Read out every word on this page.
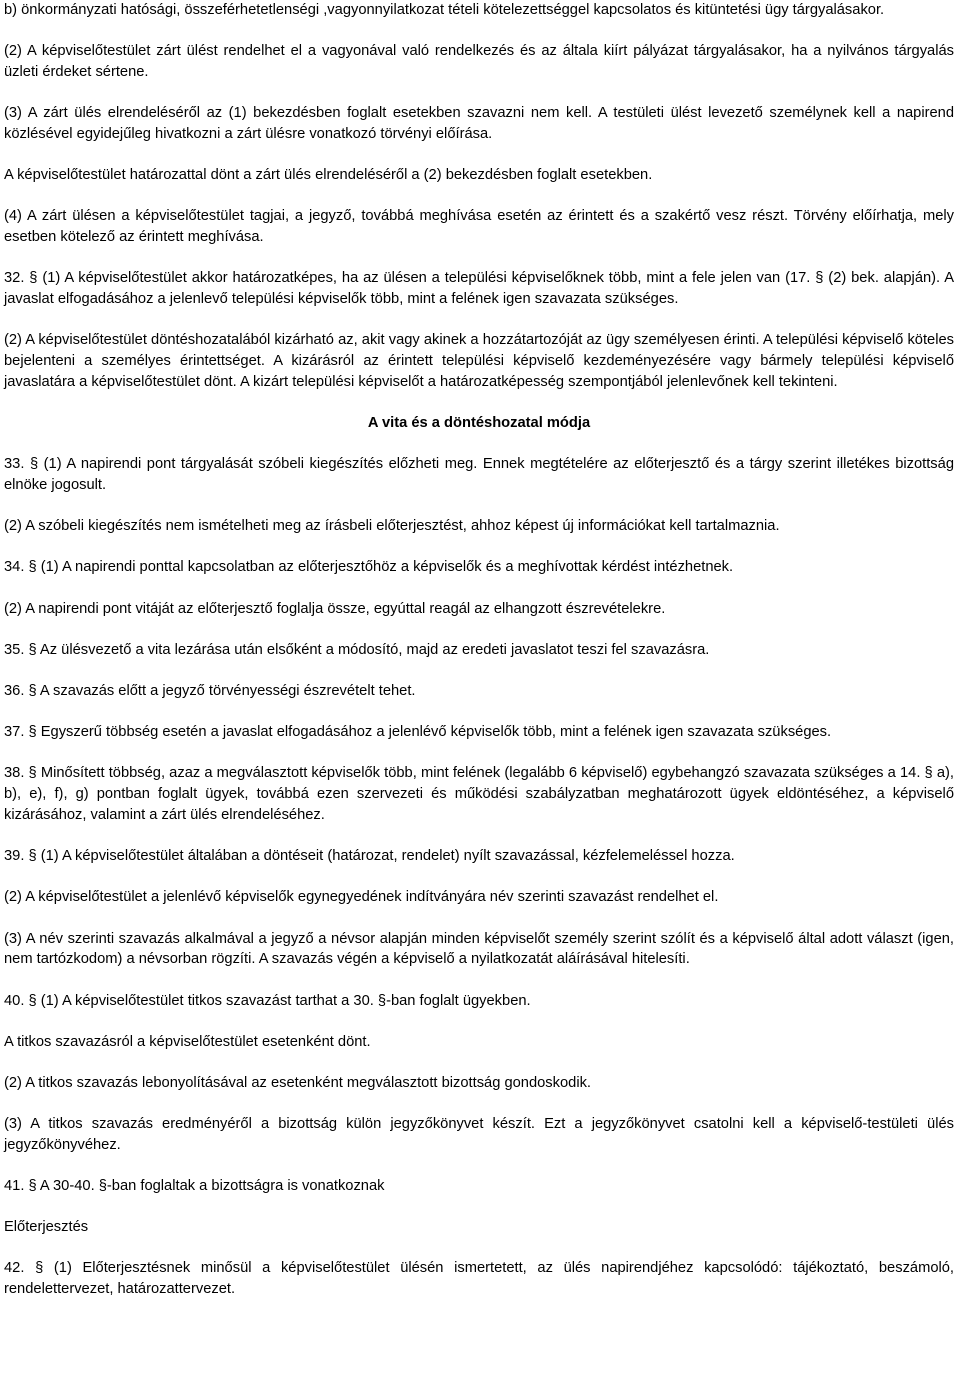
b) önkormányzati hatósági, összeférhetetlenségi ,vagyonnyilatkozat tételi kötelezettséggel kapcsolatos és kitüntetési ügy tárgyalásakor.

(2) A képviselőtestület zárt ülést rendelhet el a vagyonával való rendelkezés és az általa kiírt pályázat tárgyalásakor, ha a nyilvános tárgyalás üzleti érdeket sértene.

(3) A zárt ülés elrendeléséről az (1) bekezdésben foglalt esetekben szavazni nem kell. A testületi ülést levezető személynek kell a napirend közlésével egyidejűleg hivatkozni a zárt ülésre vonatkozó törvényi előírása.

A képviselőtestület határozattal dönt a zárt ülés elrendeléséről a (2) bekezdésben foglalt esetekben.

(4) A zárt ülésen a képviselőtestület tagjai, a jegyző, továbbá meghívása esetén az érintett és a szakértő vesz részt. Törvény előírhatja, mely esetben kötelező az érintett meghívása.

32. § (1) A képviselőtestület akkor határozatképes, ha az ülésen a települési képviselőknek több, mint a fele jelen van (17. § (2) bek. alapján). A javaslat elfogadásához a jelenlevő települési képviselők több, mint a felének igen szavazata szükséges.

(2) A képviselőtestület döntéshozatalából kizárható az, akit vagy akinek a hozzátartozóját az ügy személyesen érinti. A települési képviselő köteles bejelenteni a személyes érintettséget. A kizárásról az érintett települési képviselő kezdeményezésére vagy bármely települési képviselő javaslatára a képviselőtestület dönt. A kizárt települési képviselőt a határozatképesség szempontjából jelenlevőnek kell tekinteni.

A vita és a döntéshozatal módja

33. § (1) A napirendi pont tárgyalását szóbeli kiegészítés előzheti meg. Ennek megtételére az előterjesztő és a tárgy szerint illetékes bizottság elnöke jogosult.

(2) A szóbeli kiegészítés nem ismételheti meg az írásbeli előterjesztést, ahhoz képest új információkat kell tartalmaznia.

34. § (1) A napirendi ponttal kapcsolatban az előterjesztőhöz a képviselők és a meghívottak kérdést intézhetnek.

(2) A napirendi pont vitáját az előterjesztő foglalja össze, egyúttal reagál az elhangzott észrevételekre.

35. § Az ülésvezető a vita lezárása után elsőként a módosító, majd az eredeti javaslatot teszi fel szavazásra.

36. § A szavazás előtt a jegyző törvényességi észrevételt tehet.

37. § Egyszerű többség esetén a javaslat elfogadásához a jelenlévő képviselők több, mint a felének igen szavazata szükséges.

38. § Minősített többség, azaz a megválasztott képviselők több, mint felének (legalább 6 képviselő) egybehangzó szavazata szükséges a 14. § a), b), e), f), g) pontban foglalt ügyek, továbbá ezen szervezeti és működési szabályzatban meghatározott ügyek eldöntéséhez, a képviselő kizárásához, valamint a zárt ülés elrendeléséhez.

39. § (1) A képviselőtestület általában a döntéseit (határozat, rendelet) nyílt szavazással, kézfelemeléssel hozza.

(2) A képviselőtestület a jelenlévő képviselők egynegyedének indítványára név szerinti szavazást rendelhet el.

(3) A név szerinti szavazás alkalmával a jegyző a névsor alapján minden képviselőt személy szerint szólít és a képviselő által adott választ (igen, nem tartózkodom) a névsorban rögzíti. A szavazás végén a képviselő a nyilatkozatát aláírásával hitelesíti.

40. § (1) A képviselőtestület titkos szavazást tarthat a 30. §-ban foglalt ügyekben.

A titkos szavazásról a képviselőtestület esetenként dönt.

(2) A titkos szavazás lebonyolításával az esetenként megválasztott bizottság gondoskodik.

(3) A titkos szavazás eredményéről a bizottság külön jegyzőkönyvet készít. Ezt a jegyzőkönyvet csatolni kell a képviselő-testületi ülés jegyzőkönyvéhez.

41. § A 30-40. §-ban foglaltak a bizottságra is vonatkoznak

Előterjesztés

42. § (1) Előterjesztésnek minősül a képviselőtestület ülésén ismertetett, az ülés napirendjéhez kapcsolódó: tájékoztató, beszámoló, rendelettervezet, határozattervezet.
